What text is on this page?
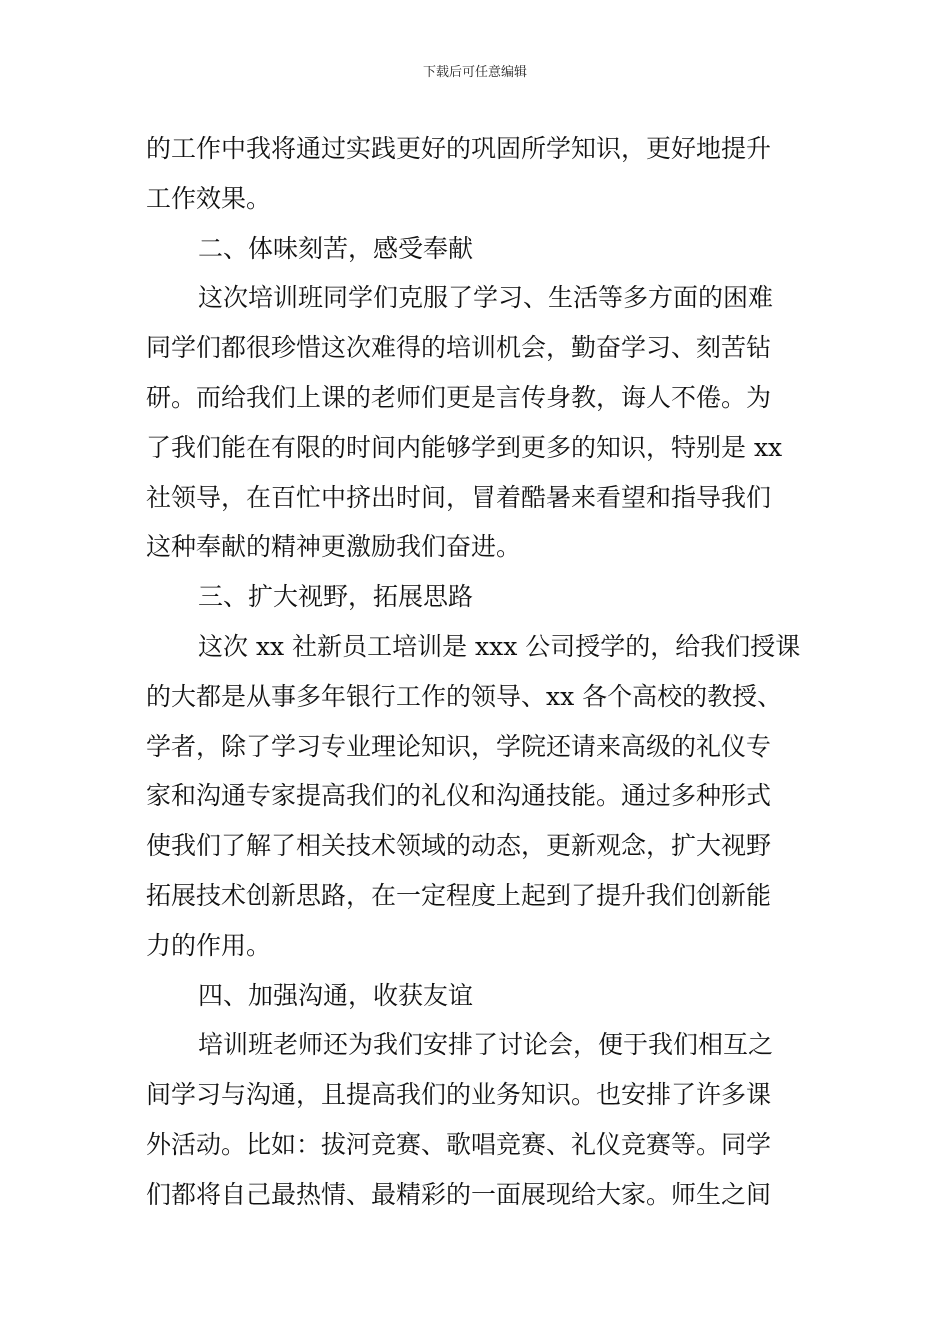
下载后可任意编辑
的工作中我将通过实践更好的巩固所学知识，更好地提升
工作效果。
二、体味刻苦，感受奉献
这次培训班同学们克服了学习、生活等多方面的困难
同学们都很珍惜这次难得的培训机会，勤奋学习、刻苦钻
研。而给我们上课的老师们更是言传身教，诲人不倦。为
了我们能在有限的时间内能够学到更多的知识，特别是 xx
社领导，在百忙中挤出时间，冒着酷暑来看望和指导我们
这种奉献的精神更激励我们奋进。
三、扩大视野，拓展思路
这次 xx 社新员工培训是 xxx 公司授学的，给我们授课
的大都是从事多年银行工作的领导、xx 各个高校的教授、
学者，除了学习专业理论知识，学院还请来高级的礼仪专
家和沟通专家提高我们的礼仪和沟通技能。通过多种形式
使我们了解了相关技术领域的动态，更新观念，扩大视野
拓展技术创新思路，在一定程度上起到了提升我们创新能
力的作用。
四、加强沟通，收获友谊
培训班老师还为我们安排了讨论会，便于我们相互之
间学习与沟通，且提高我们的业务知识。也安排了许多课
外活动。比如：拔河竞赛、歌唱竞赛、礼仪竞赛等。同学
们都将自己最热情、最精彩的一面展现给大家。师生之间
